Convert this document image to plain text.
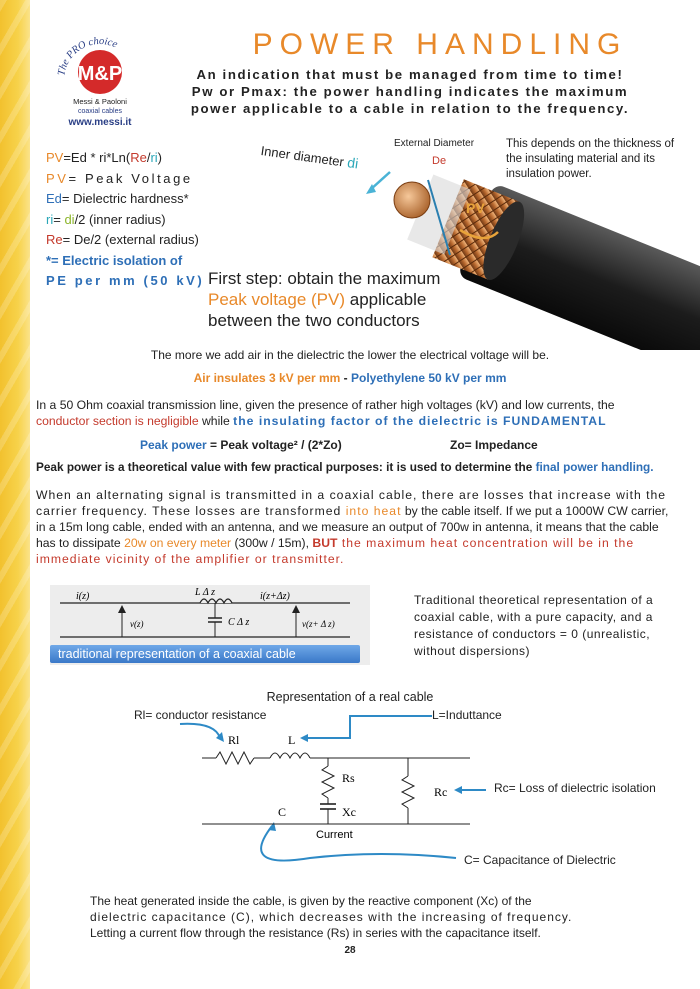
The PRO choice
M&P
Messi & Paoloni
coaxial cables
www.messi.it
POWER HANDLING
An indication that must be managed from time to time!
Pw or Pmax: the power handling indicates the maximum
power applicable to a cable in relation to the frequency.
PV=Ed * ri*Ln(Re/ri)
PV= Peak Voltage
Ed= Dielectric hardness*
ri= di/2 (inner radius)
Re= De/2 (external radius)
*= Electric isolation of
PE per mm (50 kV)
Inner diameter di
External Diameter
De
PV
This depends on the thickness of the insulating material and its insulation power.
First step: obtain the maximum
Peak voltage (PV) applicable
between the two conductors
The more we add air in the dielectric the lower the electrical voltage will be.
Air insulates 3 kV per mm - Polyethylene 50 kV per mm
In a 50 Ohm coaxial transmission line, given the presence of rather high voltages (kV) and low currents, the conductor section is negligible while the insulating factor of the dielectric is FUNDAMENTAL
Peak power = Peak voltage² / (2*Zo)	Zo= Impedance
Peak power is a theoretical value with few practical purposes: it is used to determine the final power handling.
When an alternating signal is transmitted in a coaxial cable, there are losses that increase with the carrier frequency. These losses are transformed into heat by the cable itself. If we put a 1000W CW carrier, in a 15m long cable, ended with an antenna, and we measure an output of 700w in antenna, it means that the cable has to dissipate 20w on every meter (300w / 15m), BUT the maximum heat concentration will be in the immediate vicinity of the amplifier or transmitter.
i(z)	L Δ z	i(z+Δz)
v(z)	C Δ z	v(z+ Δ z)
traditional representation of a coaxial cable
Traditional theoretical representation of a coaxial cable, with a pure capacity, and a resistance of conductors = 0 (unrealistic, without dispersions)
Representation of a real cable
Rl= conductor resistance	L=Induttance
Rl	L
Rs
Xc
C
Rc
Current
Rc= Loss of dielectric isolation
C= Capacitance of Dielectric
The heat generated inside the cable, is given by the reactive component (Xc) of the
dielectric capacitance (C), which decreases with the increasing of frequency.
Letting a current flow through the resistance (Rs) in series with the capacitance itself.
28
